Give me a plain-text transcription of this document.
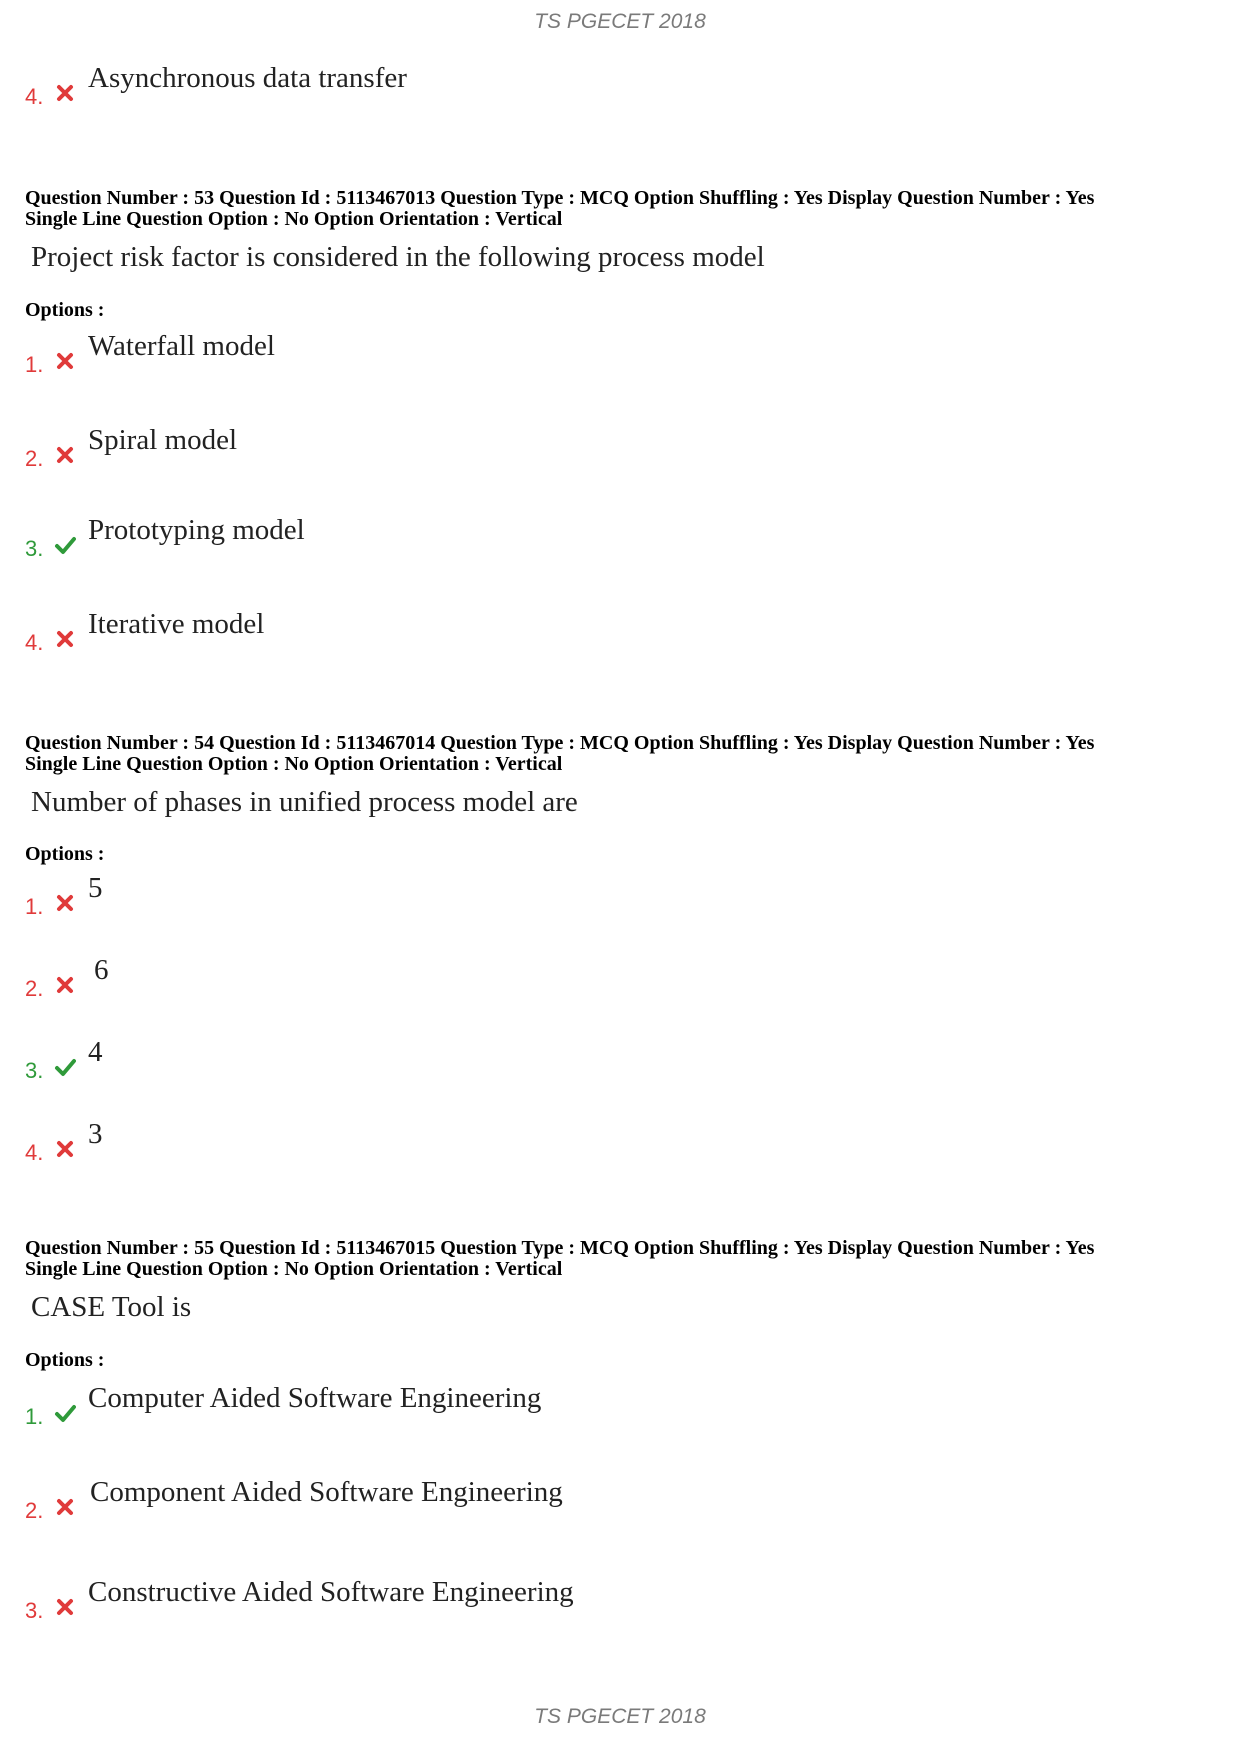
TS PGECET 2018
4.
Asynchronous data transfer
Question Number : 53 Question Id : 5113467013 Question Type : MCQ Option Shuffling : Yes Display Question Number : Yes
Single Line Question Option : No Option Orientation : Vertical
Project risk factor is considered in the following process model
Options :
1.
Waterfall model
2.
Spiral model
3.
Prototyping model
4.
Iterative model
Question Number : 54 Question Id : 5113467014 Question Type : MCQ Option Shuffling : Yes Display Question Number : Yes
Single Line Question Option : No Option Orientation : Vertical
Number of phases in unified process model are
Options :
1.
5
2.
6
3.
4
4.
3
Question Number : 55 Question Id : 5113467015 Question Type : MCQ Option Shuffling : Yes Display Question Number : Yes
Single Line Question Option : No Option Orientation : Vertical
CASE Tool is
Options :
1.
Computer Aided Software Engineering
2.
Component Aided Software Engineering
3.
Constructive Aided Software Engineering
TS PGECET 2018
